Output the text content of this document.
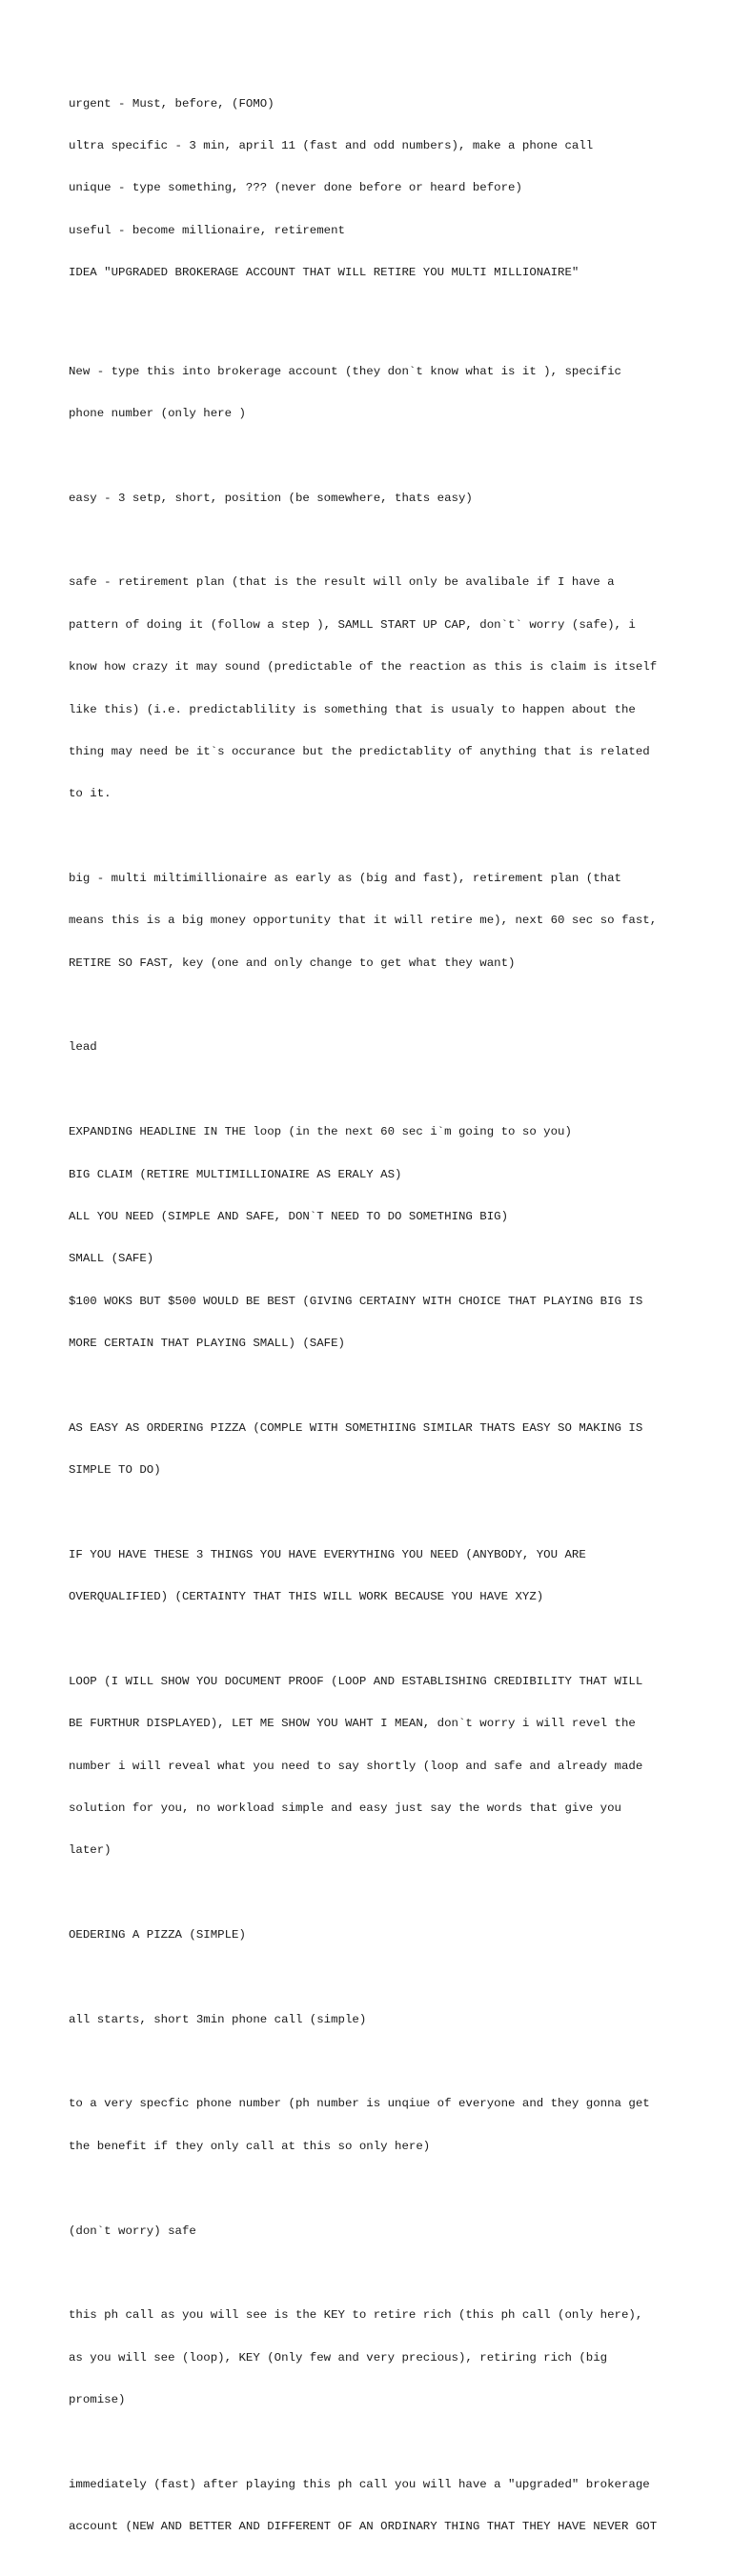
urgent - Must, before, (FOMO)

ultra specific - 3 min, april 11 (fast and odd numbers), make a phone call

unique - type something, ??? (never done before or heard before)

useful - become millionaire, retirement

IDEA "UPGRADED BROKERAGE ACCOUNT THAT WILL RETIRE YOU MULTI MILLIONAIRE"

New - type this into brokerage account (they don`t know what is it ), specific

phone number (only here )

easy - 3 setp, short, position (be somewhere, thats easy)

safe - retirement plan (that is the result will only be avalibale if I have a

pattern of doing it (follow a step ), SAMLL START UP CAP, don`t` worry (safe), i

know how crazy it may sound (predictable of the reaction as this is claim is itself

like this) (i.e. predictablility is something that is usualy to happen about the

thing may need be it`s occurance but the predictablity of anything that is related

to it.

big - multi miltimillionaire as early as (big and fast), retirement plan (that

means this is a big money opportunity that it will retire me), next 60 sec so fast,

RETIRE SO FAST, key (one and only change to get what they want)

lead

EXPANDING HEADLINE IN THE loop (in the next 60 sec i`m going to so you)

BIG CLAIM (RETIRE MULTIMILLIONAIRE AS ERALY AS)

ALL YOU NEED (SIMPLE AND SAFE, DON`T NEED TO DO SOMETHING BIG)

SMALL (SAFE)

$100 WOKS BUT $500 WOULD BE BEST (GIVING CERTAINY WITH CHOICE THAT PLAYING BIG IS

MORE CERTAIN THAT PLAYING SMALL) (SAFE)

AS EASY AS ORDERING PIZZA (COMPLE WITH SOMETHIING SIMILAR THATS EASY SO MAKING IS

SIMPLE TO DO)

IF YOU HAVE THESE 3 THINGS YOU HAVE EVERYTHING YOU NEED (ANYBODY, YOU ARE

OVERQUALIFIED) (CERTAINTY THAT THIS WILL WORK BECAUSE YOU HAVE XYZ)

LOOP (I WILL SHOW YOU DOCUMENT PROOF (LOOP AND ESTABLISHING CREDIBILITY THAT WILL

BE FURTHUR DISPLAYED), LET ME SHOW YOU WAHT I MEAN, don`t worry i will revel the

number i will reveal what you need to say shortly (loop and safe and already made

solution for you, no workload simple and easy just say the words that give you

later)

OEDERING A PIZZA (SIMPLE)

all starts, short 3min phone call (simple)

to a very specfic phone number (ph number is unqiue of everyone and they gonna get

the benefit if they only call at this so only here)

(don`t worry) safe

this ph call as you will see is the KEY to retire rich (this ph call (only here),

as you will see (loop), KEY (Only few and very precious), retiring rich (big

promise)

immediately (fast) after playing this ph call you will have a "upgraded" brokerage

account (NEW AND BETTER AND DIFFERENT OF AN ORDINARY THING THAT THEY HAVE NEVER GOT
